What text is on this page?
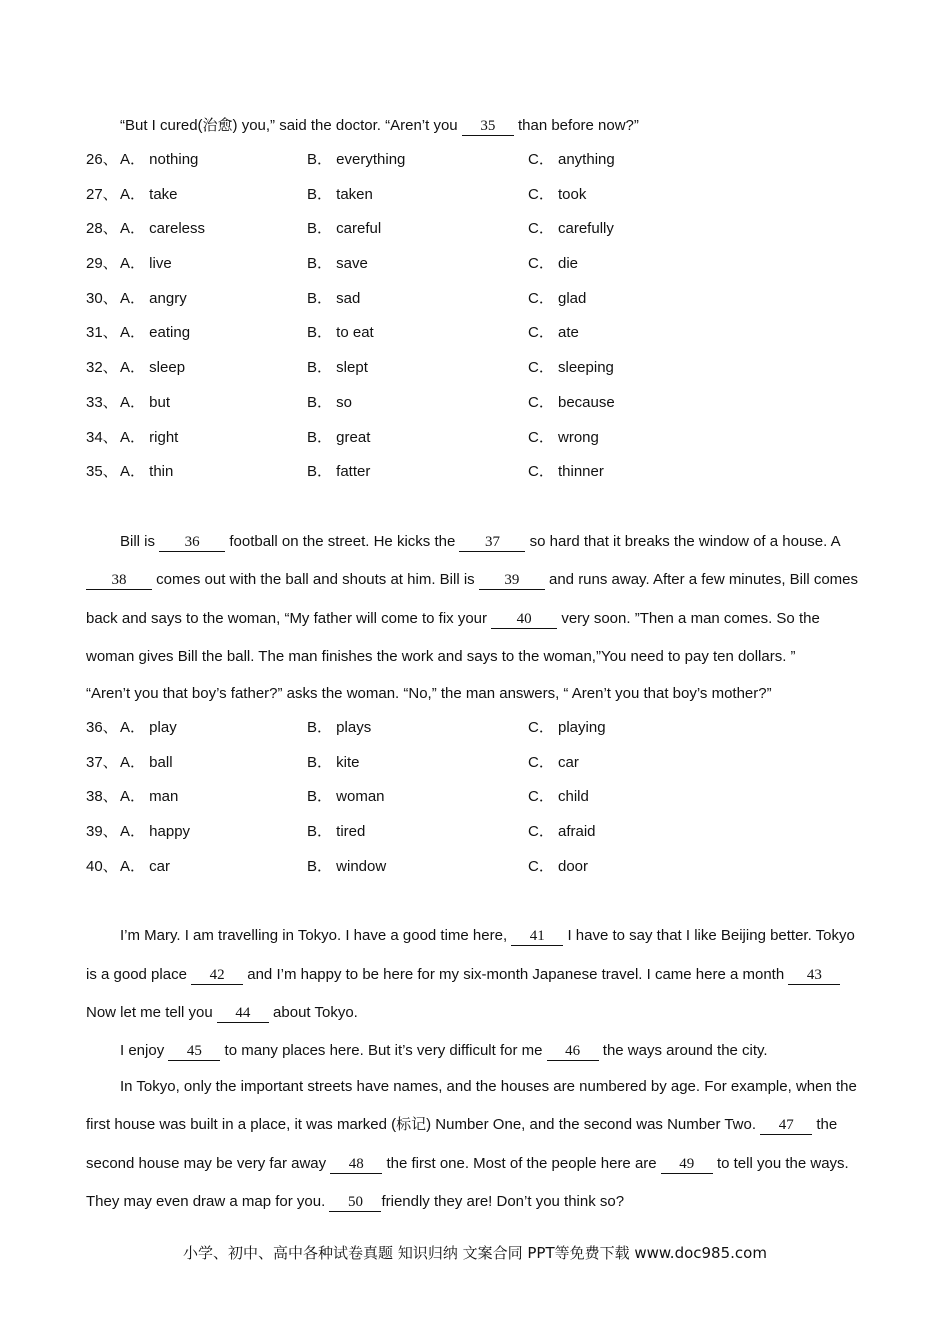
“But I cured(治愈) you,” said the doctor. “Aren’t you 35 than before now?”

26、 A． nothing	B． everything	C． anything
27、 A． take	B． taken	C． took
28、 A． careless	B． careful	C． carefully
29、 A． live	B． save	C． die
30、 A． angry	B． sad	C． glad
31、 A． eating	B． to eat	C． ate
32、 A． sleep	B． slept	C． sleeping
33、 A． but	B． so	C． because
34、 A． right	B． great	C． wrong
35、 A． thin	B． fatter	C． thinner

Bill is 36 football on the street. He kicks the 37 so hard that it breaks the window of a house. A 38 comes out with the ball and shouts at him. Bill is 39 and runs away. After a few minutes, Bill comes back and says to the woman, “My father will come to fix your 40 very soon. ”Then a man comes. So the woman gives Bill the ball. The man finishes the work and says to the woman,”You need to pay ten dollars. ”

“Aren’t you that boy’s father?” asks the woman. “No,” the man answers, “ Aren’t you that boy’s mother?”

36、 A． play	B． plays	C． playing
37、 A． ball	B． kite	C． car
38、 A． man	B． woman	C． child
39、 A． happy	B． tired	C． afraid
40、 A． car	B． window	C． door

I’m Mary. I am travelling in Tokyo. I have a good time here, 41 I have to say that I like Beijing better. Tokyo is a good place 42 and I’m happy to be here for my six-month Japanese travel. I came here a month 43 Now let me tell you 44 about Tokyo.

I enjoy 45 to many places here. But it’s very difficult for me 46 the ways around the city.

In Tokyo, only the important streets have names, and the houses are numbered by age. For example, when the first house was built in a place, it was marked (标记) Number One, and the second was Number Two. 47 the second house may be very far away 48 the first one. Most of the people here are 49 to tell you the ways. They may even draw a map for you. 50 friendly they are! Don’t you think so?

小学、初中、高中各种试卷真题 知识归纳 文案合同 PPT等免费下载 www.doc985.com
